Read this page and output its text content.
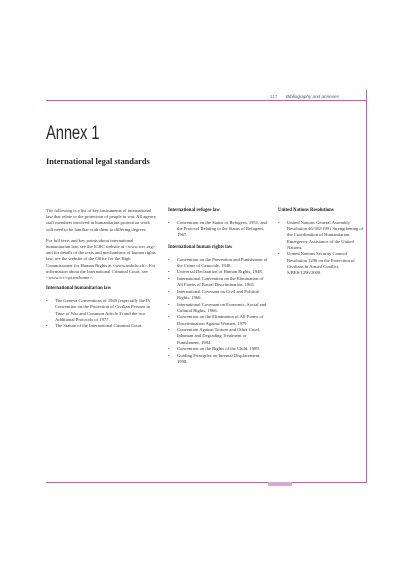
117 Bibliography and annexes
Annex 1
International legal standards

The following is a list of key instruments of international law that relate to the protection of people in war. All agency staff members involved in humanitarian protection work will need to be familiar with them to differing degrees.

For full texts and key points about international humanitarian law, see the ICRC website at <www.icrc.org> and for details of the texts and mechanisms of human rights law, see the website of the Office for the High Commissioner for Human Rights at <www.unhchr.ch>. For information about the International Criminal Court, see <www.icc-cpi.int/home>.

International humanitarian law
• The Geneva Conventions of 1949 (especially the IV Convention on the Protection of Civilian Persons in Time of War and Common Article 3) and the two Additional Protocols of 1977.
• The Statute of the International Criminal Court.
International refugee law
• Convention on the Status of Refugees, 1951, and the Protocol Relating to the Status of Refugees, 1967.
International human rights law
• Convention on the Prevention and Punishment of the Crime of Genocide, 1948.
• Universal Declaration of Human Rights, 1948.
• International Convention on the Elimination of All Forms of Racial Discrimination, 1965.
• International Covenant on Civil and Political Rights, 1966.
• International Covenant on Economic, Social and Cultural Rights, 1966.
• Convention on the Elimination of All Forms of Discrimination Against Women, 1979.
• Convention Against Torture and Other Cruel, Inhuman and Degrading Treatment or Punishment, 1984.
• Convention on the Rights of the Child, 1989.
• Guiding Principles on Internal Displacement, 1998.
United Nations Resolutions
• United Nations General Assembly Resolution 46/182/1991 Strengthening of the Coordination of Humanitarian Emergency Assistance of the United Nations.
• United Nations Security Council Resolution 1296 on the Protection of Civilians in Armed Conflict, S/RES/1296/2000.
